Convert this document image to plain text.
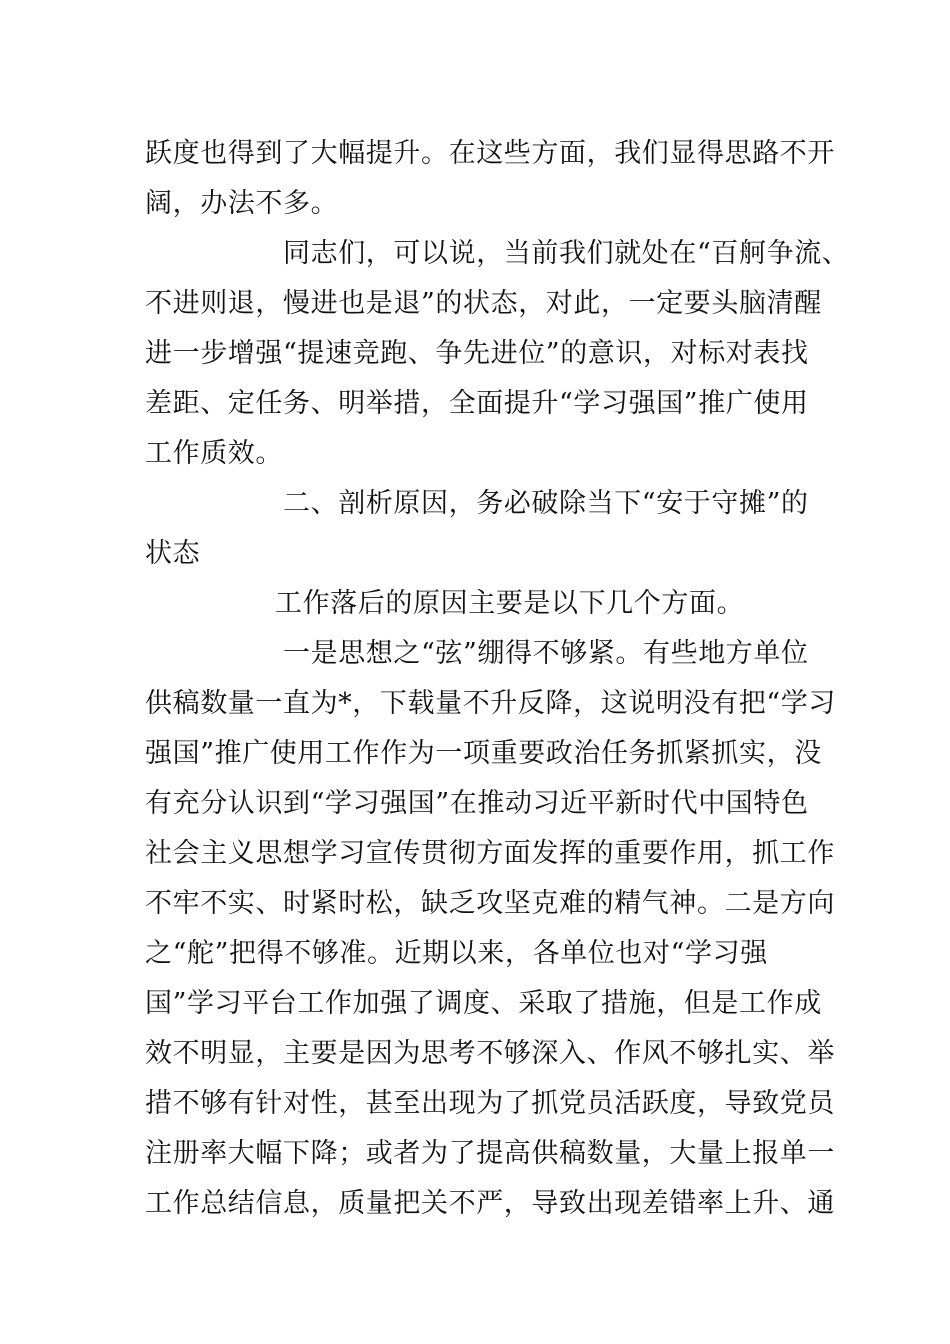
跃度也得到了大幅提升。在这些方面，我们显得思路不开
阔，办法不多。
同志们，可以说，当前我们就处在“百舸争流、
不进则退，慢进也是退”的状态，对此，一定要头脑清醒
进一步增强“提速竞跑、争先进位”的意识，对标对表找
差距、定任务、明举措，全面提升“学习强国”推广使用
工作质效。
二、剖析原因，务必破除当下“安于守摊”的
状态
工作落后的原因主要是以下几个方面。
一是思想之“弦”绷得不够紧。有些地方单位
供稿数量一直为*，下载量不升反降，这说明没有把“学习
强国”推广使用工作作为一项重要政治任务抓紧抓实，没
有充分认识到“学习强国”在推动习近平新时代中国特色
社会主义思想学习宣传贯彻方面发挥的重要作用，抓工作
不牢不实、时紧时松，缺乏攻坚克难的精气神。二是方向
之“舵”把得不够准。近期以来，各单位也对“学习强
国”学习平台工作加强了调度、采取了措施，但是工作成
效不明显，主要是因为思考不够深入、作风不够扎实、举
措不够有针对性，甚至出现为了抓党员活跃度，导致党员
注册率大幅下降；或者为了提高供稿数量，大量上报单一
工作总结信息，质量把关不严，导致出现差错率上升、通
